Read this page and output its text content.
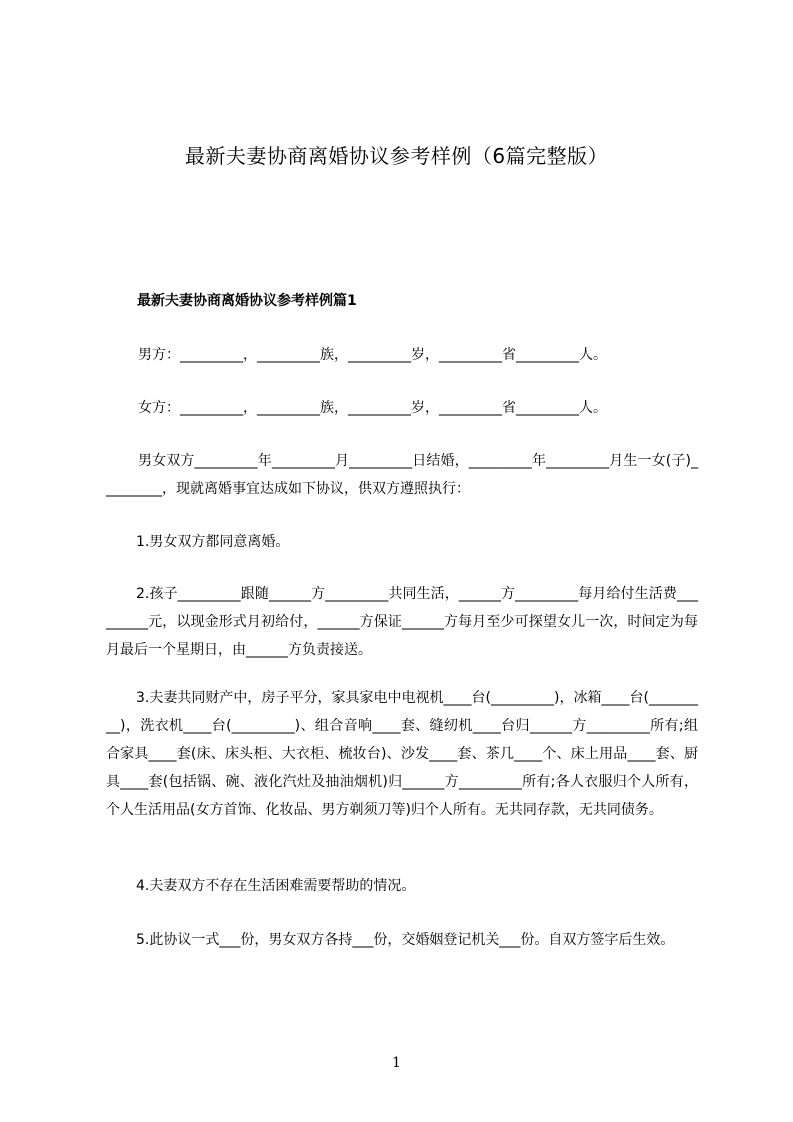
最新夫妻协商离婚协议参考样例（6篇完整版）
最新夫妻协商离婚协议参考样例篇1

男方：_________，_________族，_________岁，_________省_________人。

女方：_________，_________族，_________岁，_________省_________人。

男女双方_________年_________月_________日结婚，_________年_________月生一女(子)_________，现就离婚事宜达成如下协议，供双方遵照执行：

1.男女双方都同意离婚。

2.孩子_________跟随______方_________共同生活，______方_________每月给付生活费_________元，以现金形式月初给付，______方保证______方每月至少可探望女儿一次，时间定为每月最后一个星期日，由______方负责接送。

3.夫妻共同财产中，房子平分，家具家电中电视机____台(_________)，冰箱____台(_________)，洗衣机____台(_________)、组合音响____套、缝纫机____台归______方_________所有;组合家具____套(床、床头柜、大衣柜、梳妆台)、沙发____套、茶几____个、床上用品____套、厨具____套(包括锅、碗、液化汽灶及抽油烟机)归______方_________所有;各人衣服归个人所有，个人生活用品(女方首饰、化妆品、男方剃须刀等)归个人所有。无共同存款，无共同债务。

4.夫妻双方不存在生活困难需要帮助的情况。

5.此协议一式___份，男女双方各持___份，交婚姻登记机关___份。自双方签字后生效。

1
